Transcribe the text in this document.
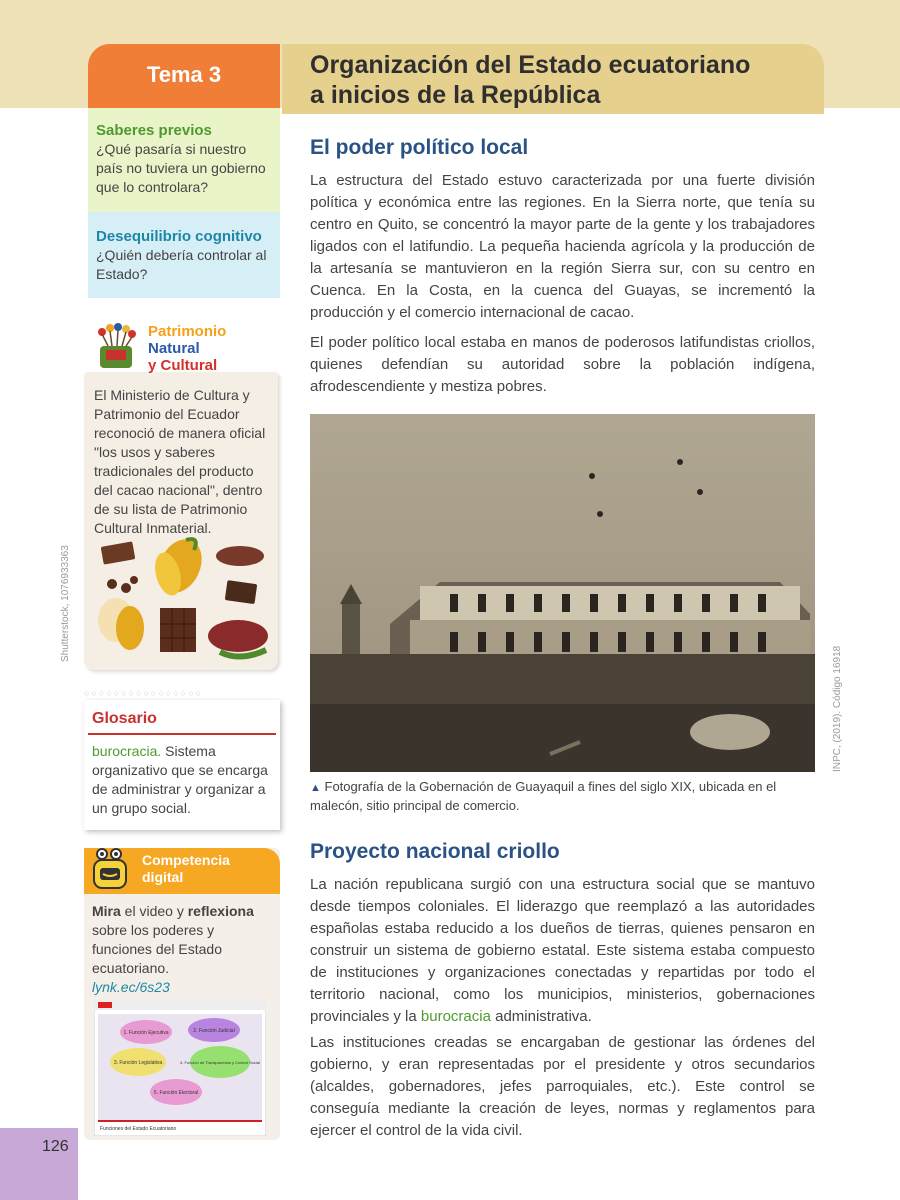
Organización del Estado ecuatoriano
a inicios de la República
Tema 3
Saberes previos
¿Qué pasaría si nuestro país no tuviera un gobierno que lo controlara?
Desequilibrio cognitivo
¿Quién debería controlar al Estado?
Patrimonio
Natural
y Cultural
El Ministerio de Cultura y Patrimonio del Ecuador reconoció de manera oficial "los usos y saberes tradicionales del producto del cacao nacional", dentro de su lista de Patrimonio Cultural Inmaterial.
Shutterstock, 1076933363
○○○○○○○○○○○○○○○○
Glosario
burocracia. Sistema organizativo que se encarga de administrar y organizar a un grupo social.
Competencia
digital
Mira el video y reflexiona sobre los poderes y funciones del Estado ecuatoriano.
lynk.ec/6s23
1. Función Ejecutiva	2. Función Judicial
3. Función Legislativa	4. Función de Transparencia y Control Social
5. Función Electoral
Funciones del Estado Ecuatoriano
126
El poder político local
La estructura del Estado estuvo caracterizada por una fuerte división política y económica entre las regiones. En la Sierra norte, que tenía su centro en Quito, se concentró la mayor parte de la gente y los trabajadores ligados con el latifundio. La pequeña hacienda agrícola y la producción de la artesanía se mantuvieron en la región Sierra sur, con su centro en Cuenca. En la Costa, en la cuenca del Guayas, se incrementó la producción y el comercio internacional de cacao.
El poder político local estaba en manos de poderosos latifundistas criollos, quienes defendían su autoridad sobre la población indígena, afrodescendiente y mestiza pobres.
INPC, (2019). Código 16918
▲ Fotografía de la Gobernación de Guayaquil a fines del siglo XIX, ubicada en el malecón, sitio principal de comercio.
Proyecto nacional criollo
La nación republicana surgió con una estructura social que se mantuvo desde tiempos coloniales. El liderazgo que reemplazó a las autoridades españolas estaba reducido a los dueños de tierras, quienes pensaron en construir un sistema de gobierno estatal. Este sistema estaba compuesto de instituciones y organizaciones conectadas y repartidas por todo el territorio nacional, como los municipios, ministerios, gobernaciones provinciales y la burocracia administrativa.
Las instituciones creadas se encargaban de gestionar las órdenes del gobierno, y eran representadas por el presidente y otros secundarios (alcaldes, gobernadores, jefes parroquiales, etc.). Este control se conseguía mediante la creación de leyes, normas y reglamentos para ejercer el control de la vida civil.
